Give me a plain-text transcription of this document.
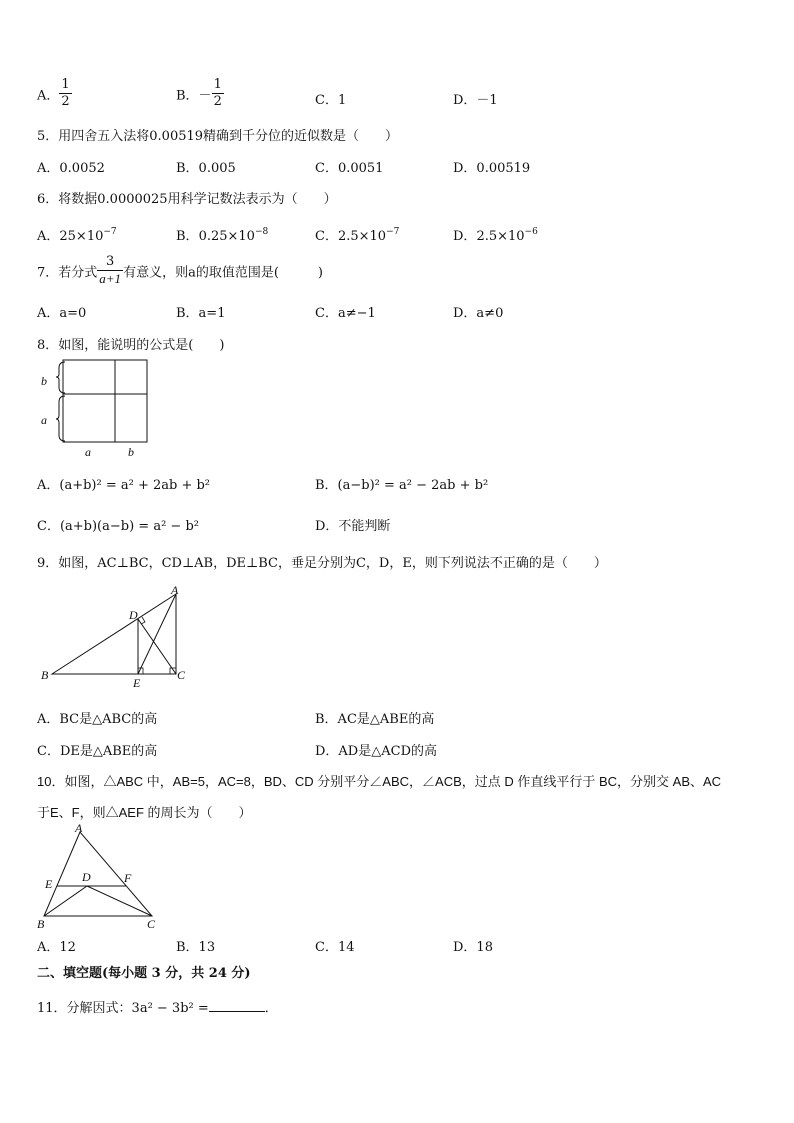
A． $\frac{1}{2}$	B．－ $\frac{1}{2}$	C．1	D．－1
5．用四舍五入法将0.00519精确到千分位的近似数是（　　）
A．0.0052	B．0.005	C．0.0051	D．0.00519
6．将数据0.0000025用科学记数法表示为（　　）
A．$25\times 10^{-7}$	B．$0.25\times 10^{-8}$	C．$2.5\times 10^{-7}$	D．$2.5\times 10^{-6}$
7．若分式 $\frac{3}{a+1}$ 有意义，则a的取值范围是(　　　)
A．a=0	B．a=1	C．a≠−1	D．a≠0
8．如图，能说明的公式是(　　)
b
a
a	b
A．(a+b)² = a² + 2ab + b²	B．(a−b)² = a² − 2ab + b²
C．(a+b)(a−b) = a² − b²	D．不能判断
9．如图，AC⊥BC，CD⊥AB，DE⊥BC，垂足分别为C，D，E，则下列说法不正确的是（　　）
A
B	C
D
E
A．BC是△ABC的高	B．AC是△ABE的高
C．DE是△ABE的高	D．AD是△ACD的高
10．如图，△ABC 中，AB=5，AC=8，BD、CD 分别平分∠ABC，∠ACB，过点 D 作直线平行于 BC，分别交 AB、AC
于E、F，则△AEF 的周长为（　　）
A
B	C
D
E	F
A．12	B．13	C．14	D．18
二、填空题(每小题 3 分，共 24 分)
11．分解因式：3a² − 3b² =	．
